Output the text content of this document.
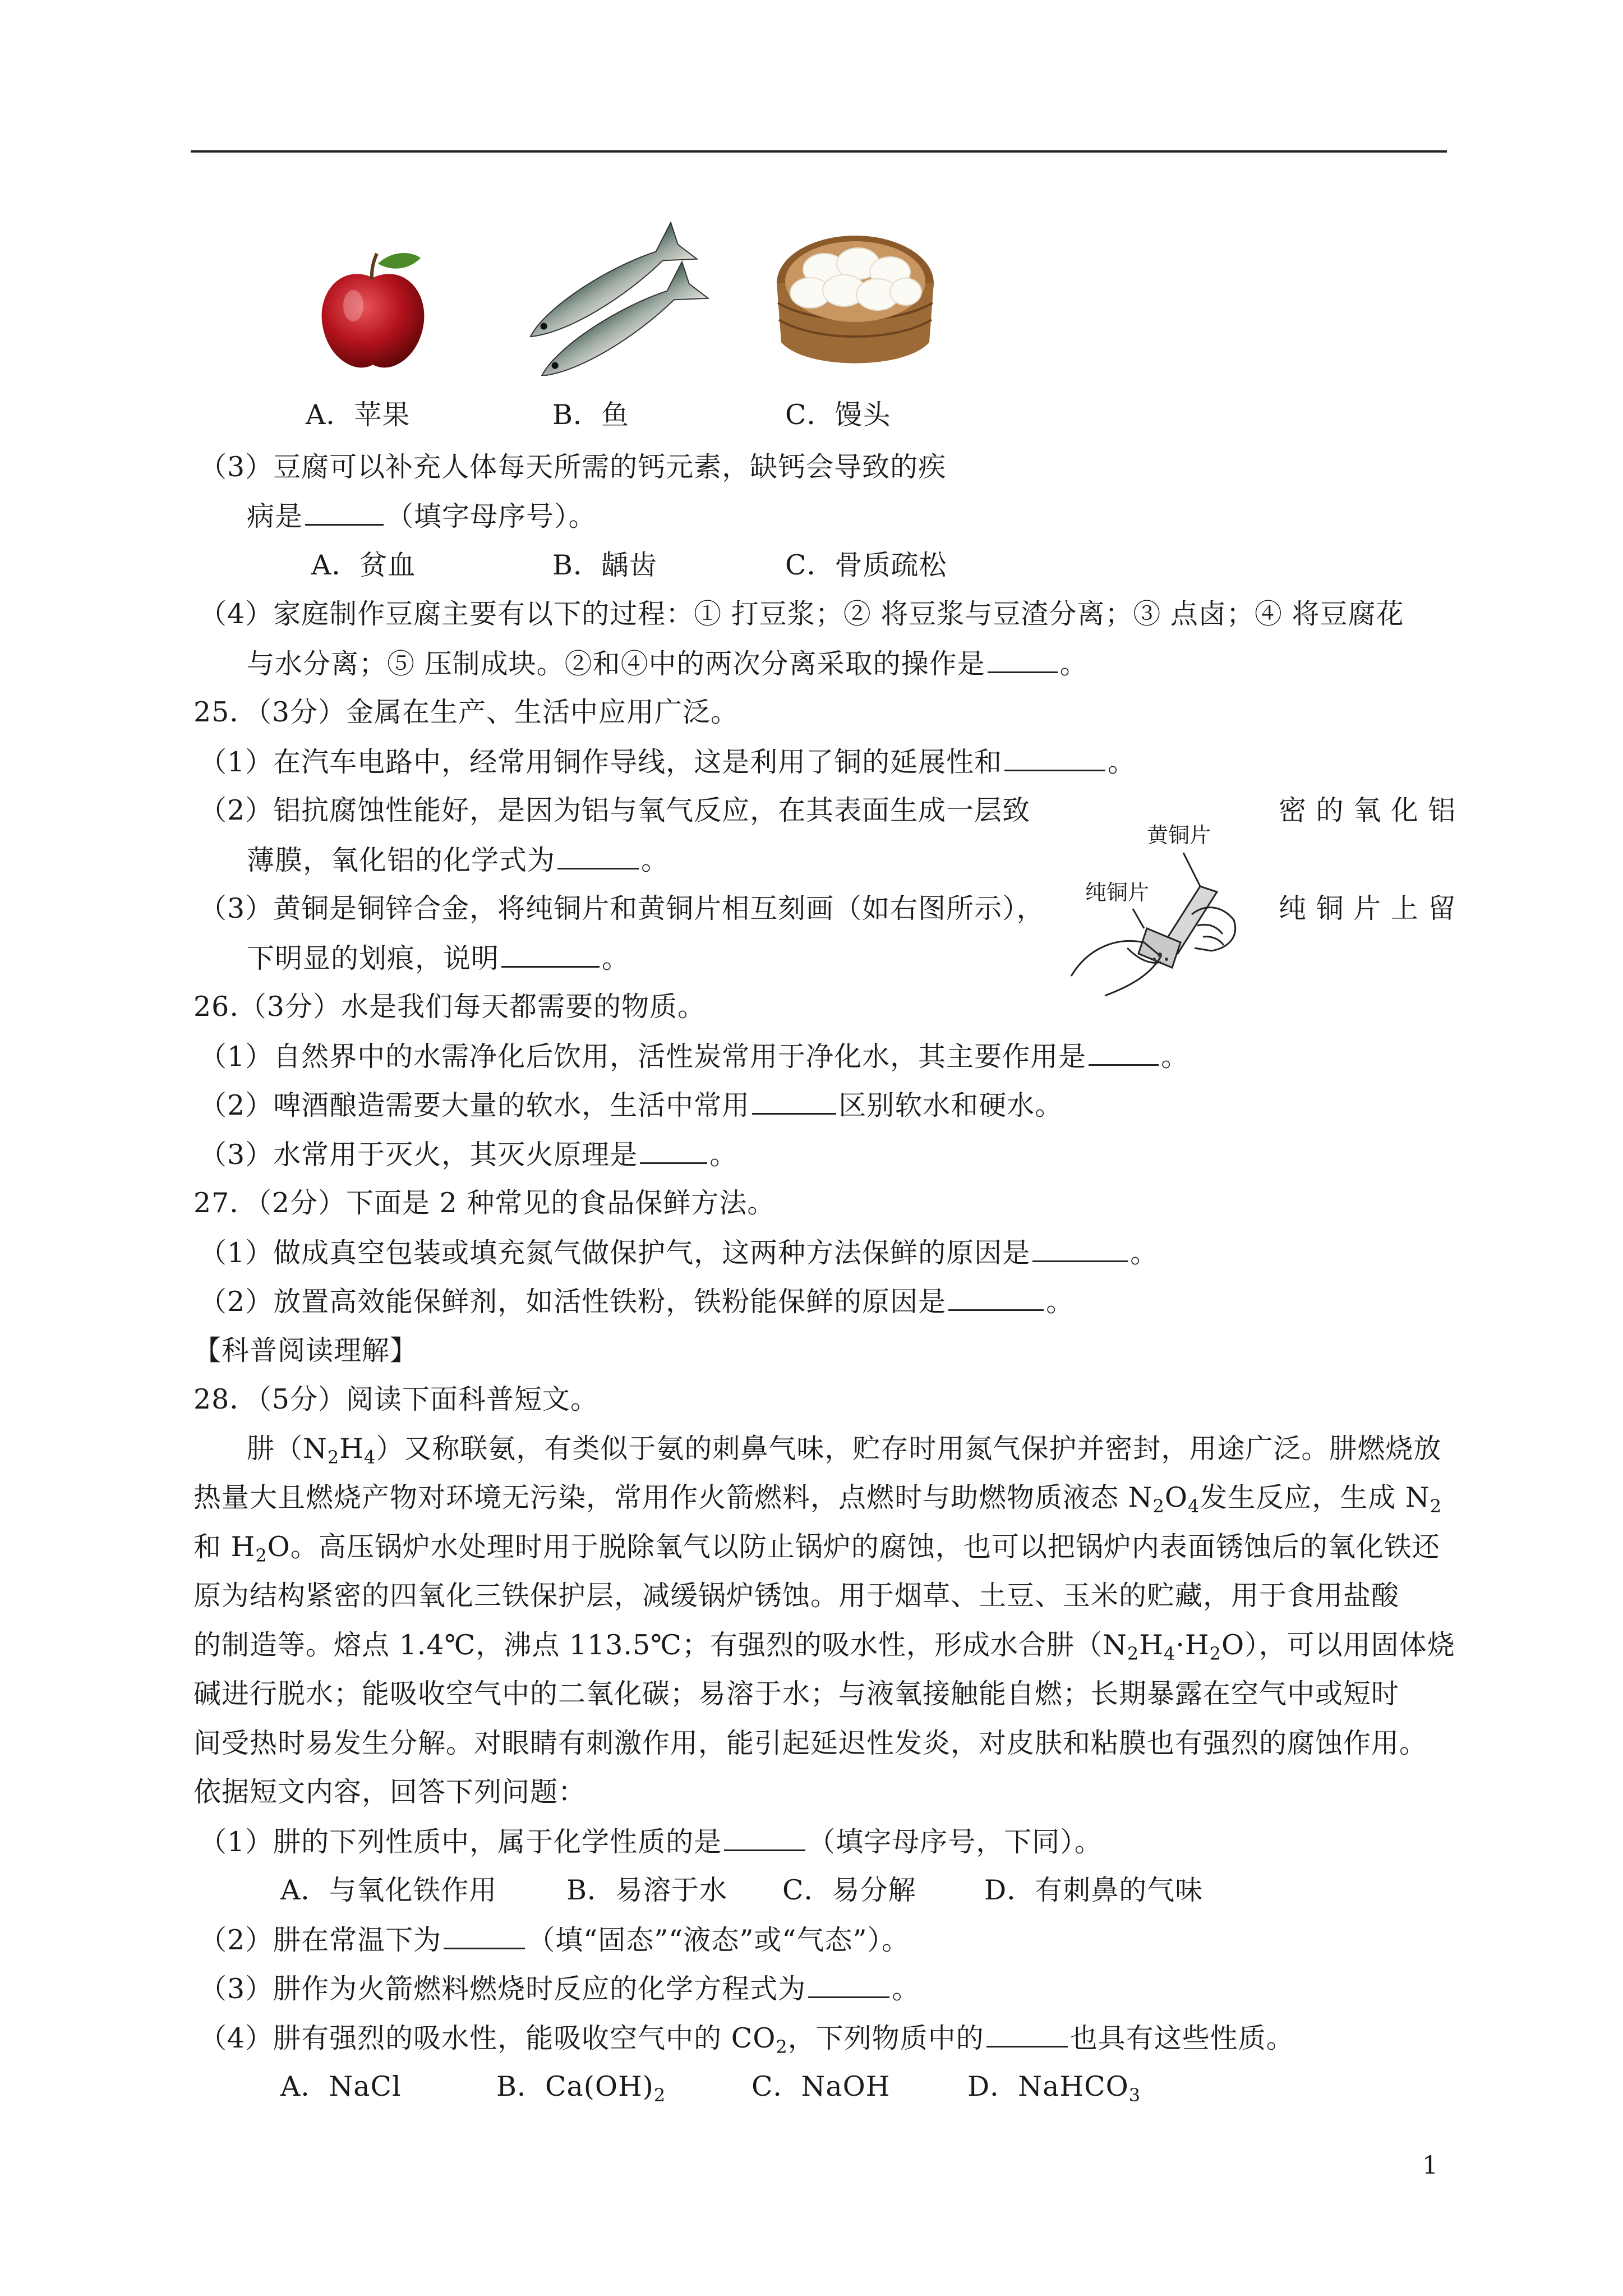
A．苹果	B．鱼	C．馒头
（3）豆腐可以补充人体每天所需的钙元素，缺钙会导致的疾
病是	（填字母序号）。
A．贫血	B．龋齿	C．骨质疏松
（4）家庭制作豆腐主要有以下的过程：① 打豆浆；② 将豆浆与豆渣分离；③ 点卤；④ 将豆腐花
与水分离；⑤ 压制成块。②和④中的两次分离采取的操作是	。
25．（3分）金属在生产、生活中应用广泛。
（1）在汽车电路中，经常用铜作导线，这是利用了铜的延展性和	。
（2）铝抗腐蚀性能好，是因为铝与氧气反应，在其表面生成一层致	密 的 氧 化 铝
薄膜，氧化铝的化学式为	。
（3）黄铜是铜锌合金，将纯铜片和黄铜片相互刻画（如右图所示），	纯 铜 片 上 留
下明显的划痕，说明	。
黄铜片
纯铜片
26.（3分）水是我们每天都需要的物质。
（1）自然界中的水需净化后饮用，活性炭常用于净化水，其主要作用是	。
（2）啤酒酿造需要大量的软水，生活中常用	区别软水和硬水。
（3）水常用于灭火，其灭火原理是	。
27．（2分）下面是 2 种常见的食品保鲜方法。
（1）做成真空包装或填充氮气做保护气，这两种方法保鲜的原因是	。
（2）放置高效能保鲜剂，如活性铁粉，铁粉能保鲜的原因是	。
【科普阅读理解】
28．（5分）阅读下面科普短文。
肼$(N_2H_4)$又称联氨，有类似于氨的刺鼻气味，贮存时用氮气保护并密封，用途广泛。肼燃烧放
热量大且燃烧产物对环境无污染，常用作火箭燃料，点燃时与助燃物质液态 $N_2O_4$发生反应，生成 $N_2$
和 $H_2O$。高压锅炉水处理时用于脱除氧气以防止锅炉的腐蚀，也可以把锅炉内表面锈蚀后的氧化铁还
原为结构紧密的四氧化三铁保护层，减缓锅炉锈蚀。用于烟草、土豆、玉米的贮藏，用于食用盐酸
的制造等。熔点 1.4℃，沸点 113.5℃；有强烈的吸水性，形成水合肼$(N_2H_4\cdot H_2O)$，可以用固体烧
碱进行脱水；能吸收空气中的二氧化碳；易溶于水；与液氧接触能自燃；长期暴露在空气中或短时
间受热时易发生分解。对眼睛有刺激作用，能引起延迟性发炎，对皮肤和粘膜也有强烈的腐蚀作用。
依据短文内容，回答下列问题：
（1）肼的下列性质中，属于化学性质的是	（填字母序号，下同）。
A．与氧化铁作用	B．易溶于水 C．易分解 D．有刺鼻的气味
（2）肼在常温下为	（填“固态”“液态”或“气态”）。
（3）肼作为火箭燃料燃烧时反应的化学方程式为	。
（4）肼有强烈的吸水性，能吸收空气中的 $CO_2$，下列物质中的	也具有这些性质。
A．NaCl	B．$Ca(OH)_2$	C．NaOH	D．NaHCO$_3$
1
